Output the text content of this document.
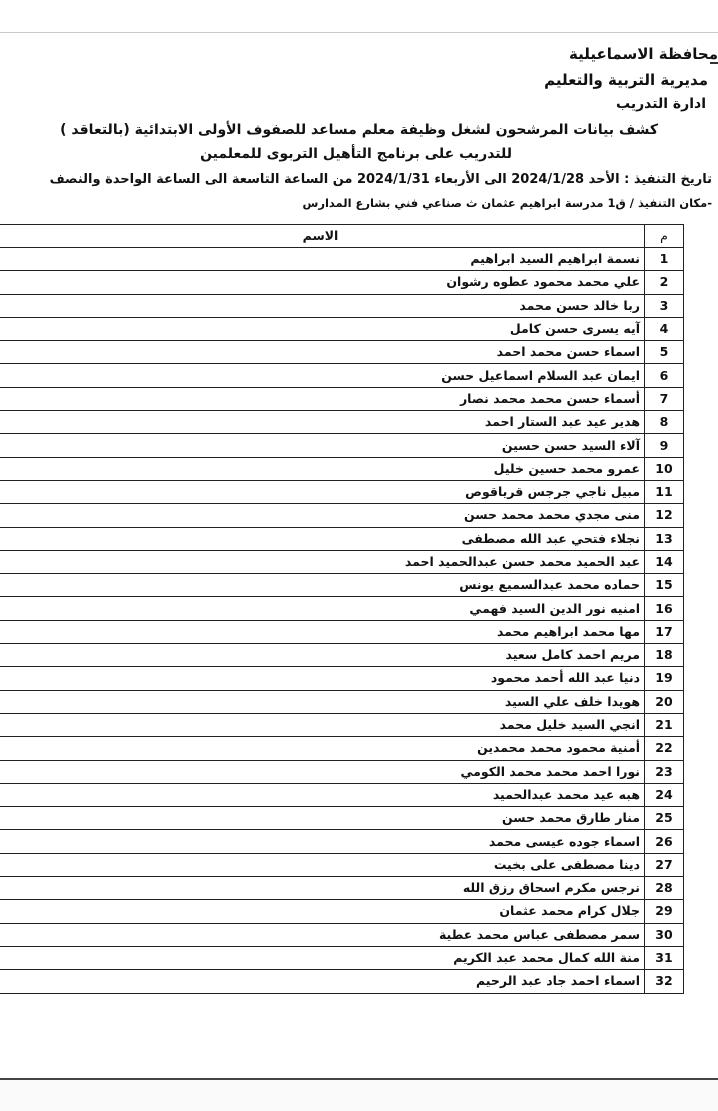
محافظة الاسماعيلية
مديرية التربية والتعليم
ادارة التدريب
كشف بيانات المرشحون لشغل وظيفة معلم مساعد للصفوف الأولى الابتدائية (بالتعاقد )
للتدريب على برنامج التأهيل التربوى للمعلمين
تاريخ التنفيذ : الأحد 2024/1/28 الى الأربعاء 2024/1/31 من الساعة التاسعة الى الساعة الواحدة والنصف
-مكان التنفيذ / ق1 مدرسة ابراهيم عثمان ث صناعي فني بشارع المدارس
م	الاسم
1	نسمة ابراهيم السيد ابراهيم
2	علي محمد محمود عطوه رشوان
3	ربا خالد حسن محمد
4	آيه يسرى حسن كامل
5	اسماء حسن محمد احمد
6	ايمان عبد السلام اسماعيل حسن
7	أسماء حسن محمد محمد نصار
8	هدير عيد عبد الستار احمد
9	آلاء السيد حسن حسين
10	عمرو محمد حسين خليل
11	مبيل ناجي جرجس قرياقوص
12	منى مجدي محمد محمد حسن
13	نجلاء فتحي عبد الله مصطفى
14	عبد الحميد محمد حسن عبدالحميد احمد
15	حماده محمد عبدالسميع يونس
16	امنيه نور الدين السيد فهمي
17	مها محمد ابراهيم محمد
18	مريم احمد كامل سعيد
19	دنيا عبد الله أحمد محمود
20	هويدا خلف علي السيد
21	انجي السيد خليل محمد
22	أمنية محمود محمد محمدين
23	نورا احمد محمد محمد الكومي
24	هبه عيد محمد عبدالحميد
25	منار طارق محمد حسن
26	اسماء جوده عيسى محمد
27	دينا مصطفى على بخيت
28	نرجس مكرم اسحاق رزق الله
29	جلال كرام محمد عثمان
30	سمر مصطفى عباس محمد عطية
31	منة الله كمال محمد عبد الكريم
32	اسماء احمد جاد عبد الرحيم
